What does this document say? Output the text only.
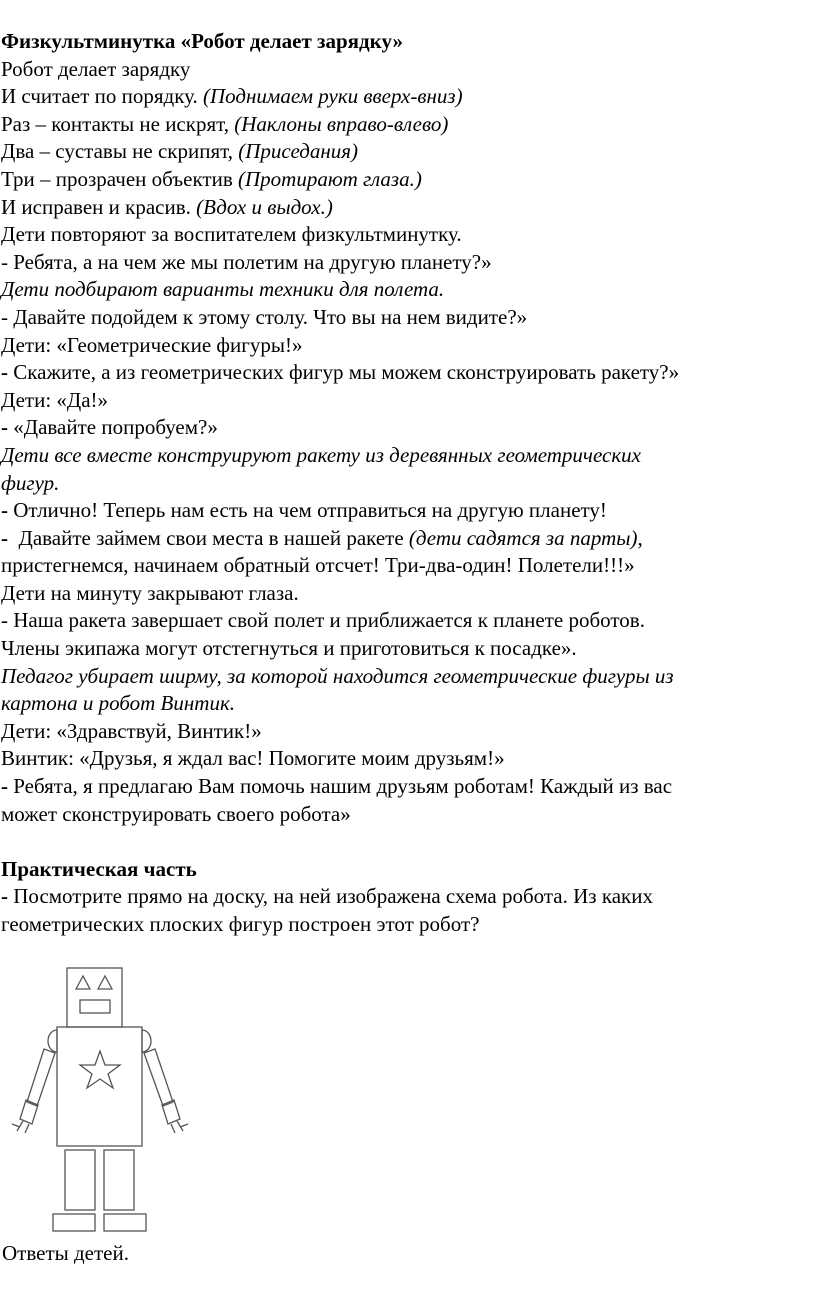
Физкультминутка «Робот делает зарядку»

Робот делает зарядку

И считает по порядку. (Поднимаем руки вверх-вниз)

Раз – контакты не искрят, (Наклоны вправо-влево)

Два – суставы не скрипят, (Приседания)

Три – прозрачен объектив (Протирают глаза.)

И исправен и красив. (Вдох и выдох.)

Дети повторяют за воспитателем физкультминутку.

- Ребята, а на чем же мы полетим на другую планету?»

Дети подбирают варианты техники для полета.

- Давайте подойдем к этому столу. Что вы на нем видите?»

Дети: «Геометрические фигуры!»

- Скажите, а из геометрических фигур мы можем сконструировать ракету?»

Дети: «Да!»

- «Давайте попробуем?»

Дети все вместе конструируют ракету из деревянных геометрических

фигур.

- Отлично! Теперь нам есть на чем отправиться на другую планету!

-  Давайте займем свои места в нашей ракете (дети садятся за парты),

пристегнемся, начинаем обратный отсчет! Три-два-один! Полетели!!!»

Дети на минуту закрывают глаза.

- Наша ракета завершает свой полет и приближается к планете роботов.

Члены экипажа могут отстегнуться и приготовиться к посадке».

Педагог убирает ширму, за которой находится геометрические фигуры из

картона и робот Винтик.

Дети: «Здравствуй, Винтик!»

Винтик: «Друзья, я ждал вас! Помогите моим друзьям!»

- Ребята, я предлагаю Вам помочь нашим друзьям роботам! Каждый из вас

может сконструировать своего робота»

Практическая часть

- Посмотрите прямо на доску, на ней изображена схема робота. Из каких

геометрических плоских фигур построен этот робот?

Ответы детей.
